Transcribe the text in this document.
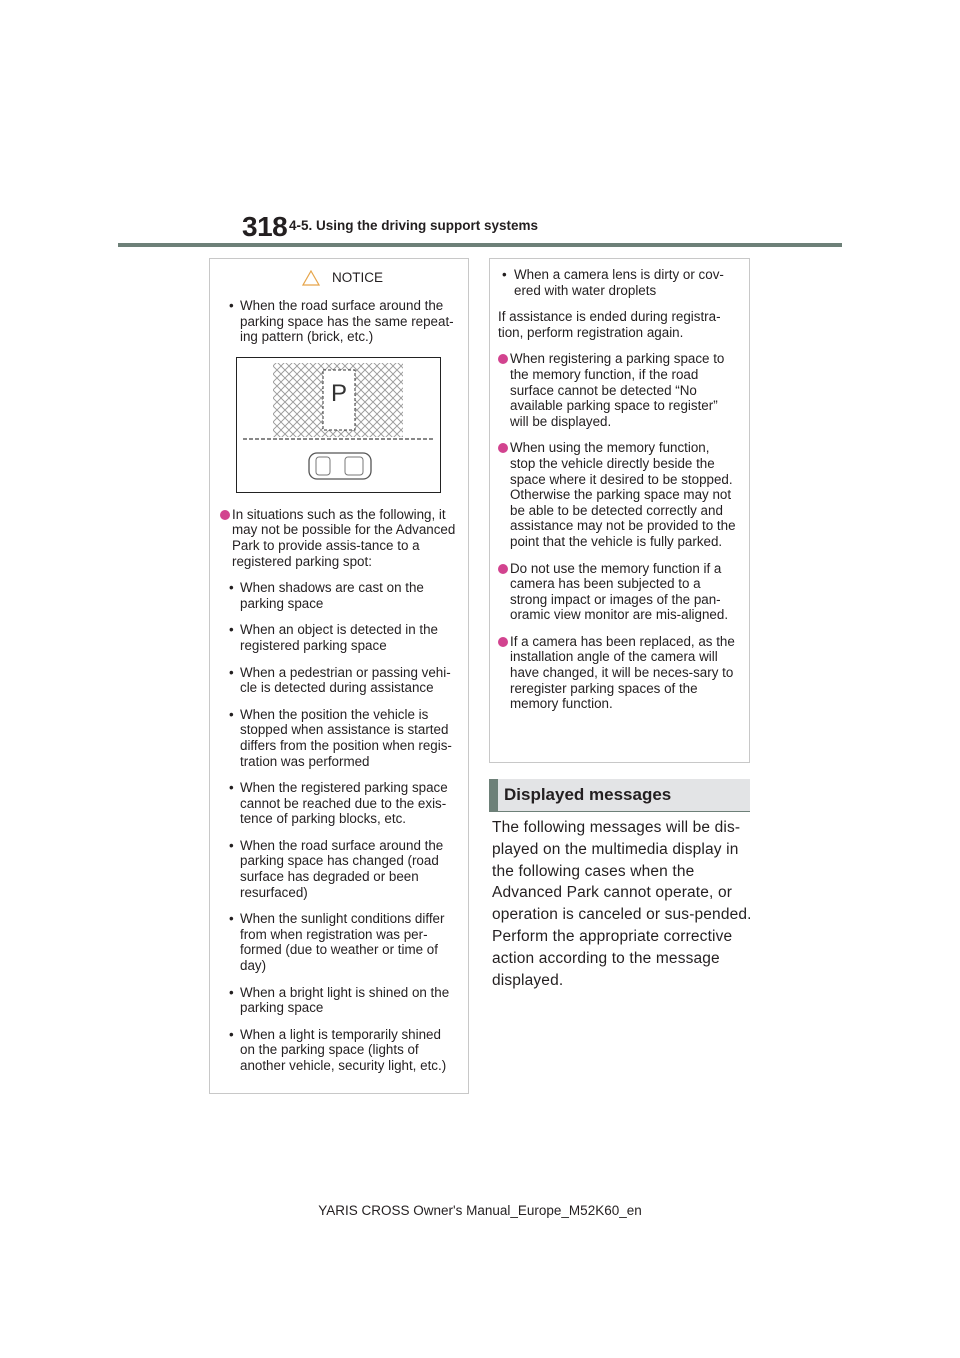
318 4-5. Using the driving support systems
NOTICE

• When the road surface around the parking space has the same repeat-ing pattern (brick, etc.)

P

In situations such as the following, it may not be possible for the Advanced Park to provide assis-tance to a registered parking spot:

• When shadows are cast on the parking space

• When an object is detected in the registered parking space

• When a pedestrian or passing vehi-cle is detected during assistance

• When the position the vehicle is stopped when assistance is started differs from the position when regis-tration was performed

• When the registered parking space cannot be reached due to the exis-tence of parking blocks, etc.

• When the road surface around the parking space has changed (road surface has degraded or been resurfaced)

• When the sunlight conditions differ from when registration was per-formed (due to weather or time of day)

• When a bright light is shined on the parking space

• When a light is temporarily shined on the parking space (lights of another vehicle, security light, etc.)

• When a camera lens is dirty or cov-ered with water droplets

If assistance is ended during registra-tion, perform registration again.

When registering a parking space to the memory function, if the road surface cannot be detected “No available parking space to register” will be displayed.

When using the memory function, stop the vehicle directly beside the space where it desired to be stopped. Otherwise the parking space may not be able to be detected correctly and assistance may not be provided to the point that the vehicle is fully parked.

Do not use the memory function if a camera has been subjected to a strong impact or images of the pan-oramic view monitor are mis-aligned.

If a camera has been replaced, as the installation angle of the camera will have changed, it will be neces-sary to reregister parking spaces of the memory function.

Displayed messages
The following messages will be dis-played on the multimedia display in the following cases when the Advanced Park cannot operate, or operation is canceled or sus-pended. Perform the appropriate corrective action according to the message displayed.
YARIS CROSS Owner's Manual_Europe_M52K60_en
